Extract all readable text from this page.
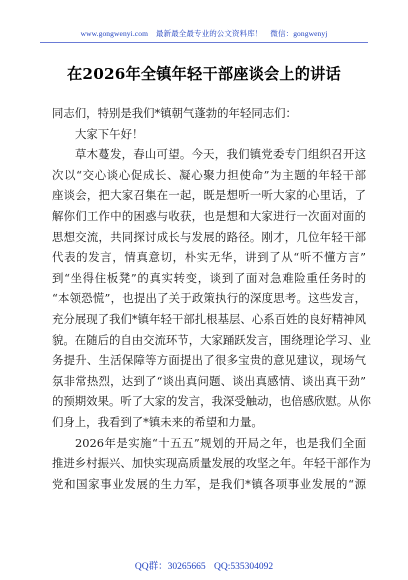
www.gongwenyi.com 最新最全最专业的公文资料库！ 微信：gongwenyj
在2026年全镇年轻干部座谈会上的讲话
同志们，特别是我们*镇朝气蓬勃的年轻同志们：
大家下午好！
草木蔓发，春山可望。今天，我们镇党委专门组织召开这
次以“交心谈心促成长、凝心聚力担使命”为主题的年轻干部
座谈会，把大家召集在一起，既是想听一听大家的心里话，了
解你们工作中的困惑与收获，也是想和大家进行一次面对面的
思想交流，共同探讨成长与发展的路径。刚才，几位年轻干部
代表的发言，情真意切，朴实无华，讲到了从“听不懂方言”
到“坐得住板凳”的真实转变，谈到了面对急难险重任务时的
“本领恐慌”，也提出了关于政策执行的深度思考。这些发言，
充分展现了我们*镇年轻干部扎根基层、心系百姓的良好精神风
貌。在随后的自由交流环节，大家踊跃发言，围绕理论学习、业
务提升、生活保障等方面提出了很多宝贵的意见建议，现场气
氛非常热烈，达到了“谈出真问题、谈出真感情、谈出真干劲”
的预期效果。听了大家的发言，我深受触动，也倍感欣慰。从你
们身上，我看到了*镇未来的希望和力量。
2026年是实施“十五五”规划的开局之年，也是我们全面
推进乡村振兴、加快实现高质量发展的攻坚之年。年轻干部作为
党和国家事业发展的生力军，是我们*镇各项事业发展的“源
QQ群：30265665 QQ:535304092
